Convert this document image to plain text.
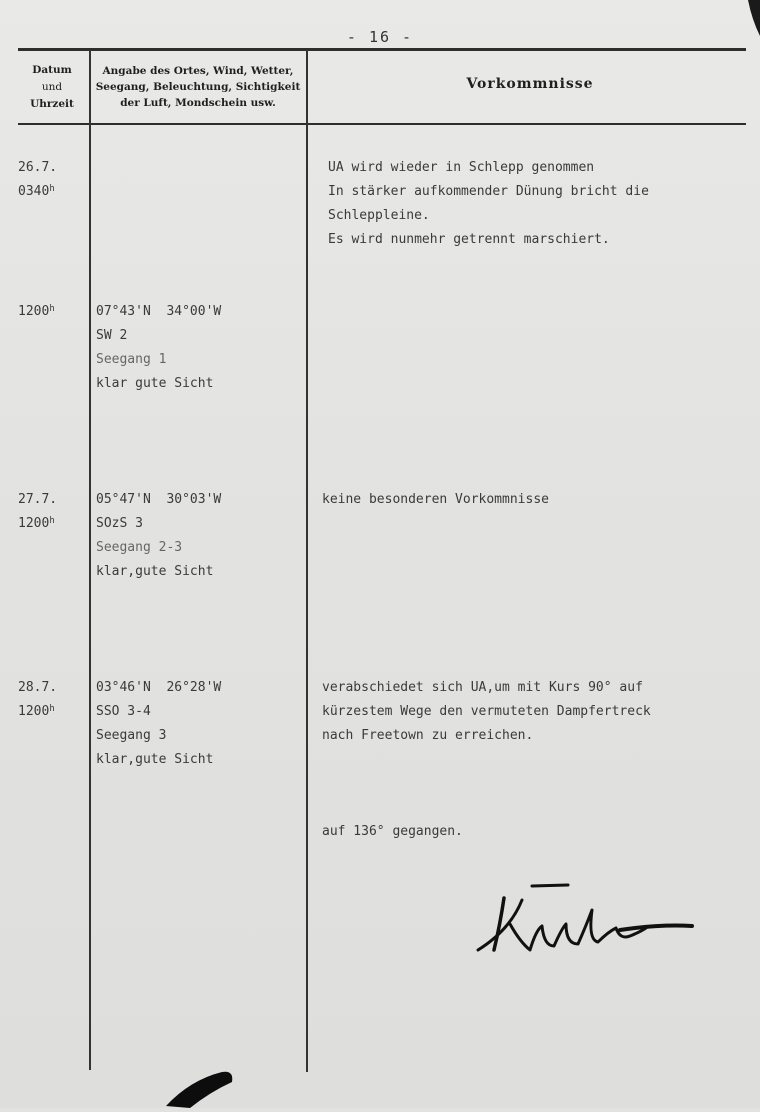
- 16 -
Datum
und
Uhrzeit
Angabe des Ortes, Wind, Wetter, Seegang, Beleuchtung, Sichtigkeit der Luft, Mondschein usw.
Vorkommnisse
26.7.
0340$^h$
UA wird wieder in Schlepp genommen
In stärker aufkommender Dünung bricht die
Schleppleine.
Es wird nunmehr getrennt marschiert.
1200$^h$	07°43'N  34°00'W
SW 2
Seegang 1
klar gute Sicht
27.7.
1200$^h$
05°47'N  30°03'W
SOzS 3
Seegang 2-3
klar,gute Sicht
keine besonderen Vorkommnisse
28.7.
1200$^h$
03°46'N  26°28'W
SSO 3-4
Seegang 3
klar,gute Sicht
verabschiedet sich UA,um mit Kurs 90° auf
kürzestem Wege den vermuteten Dampfertreck
nach Freetown zu erreichen.
auf 136° gegangen.
